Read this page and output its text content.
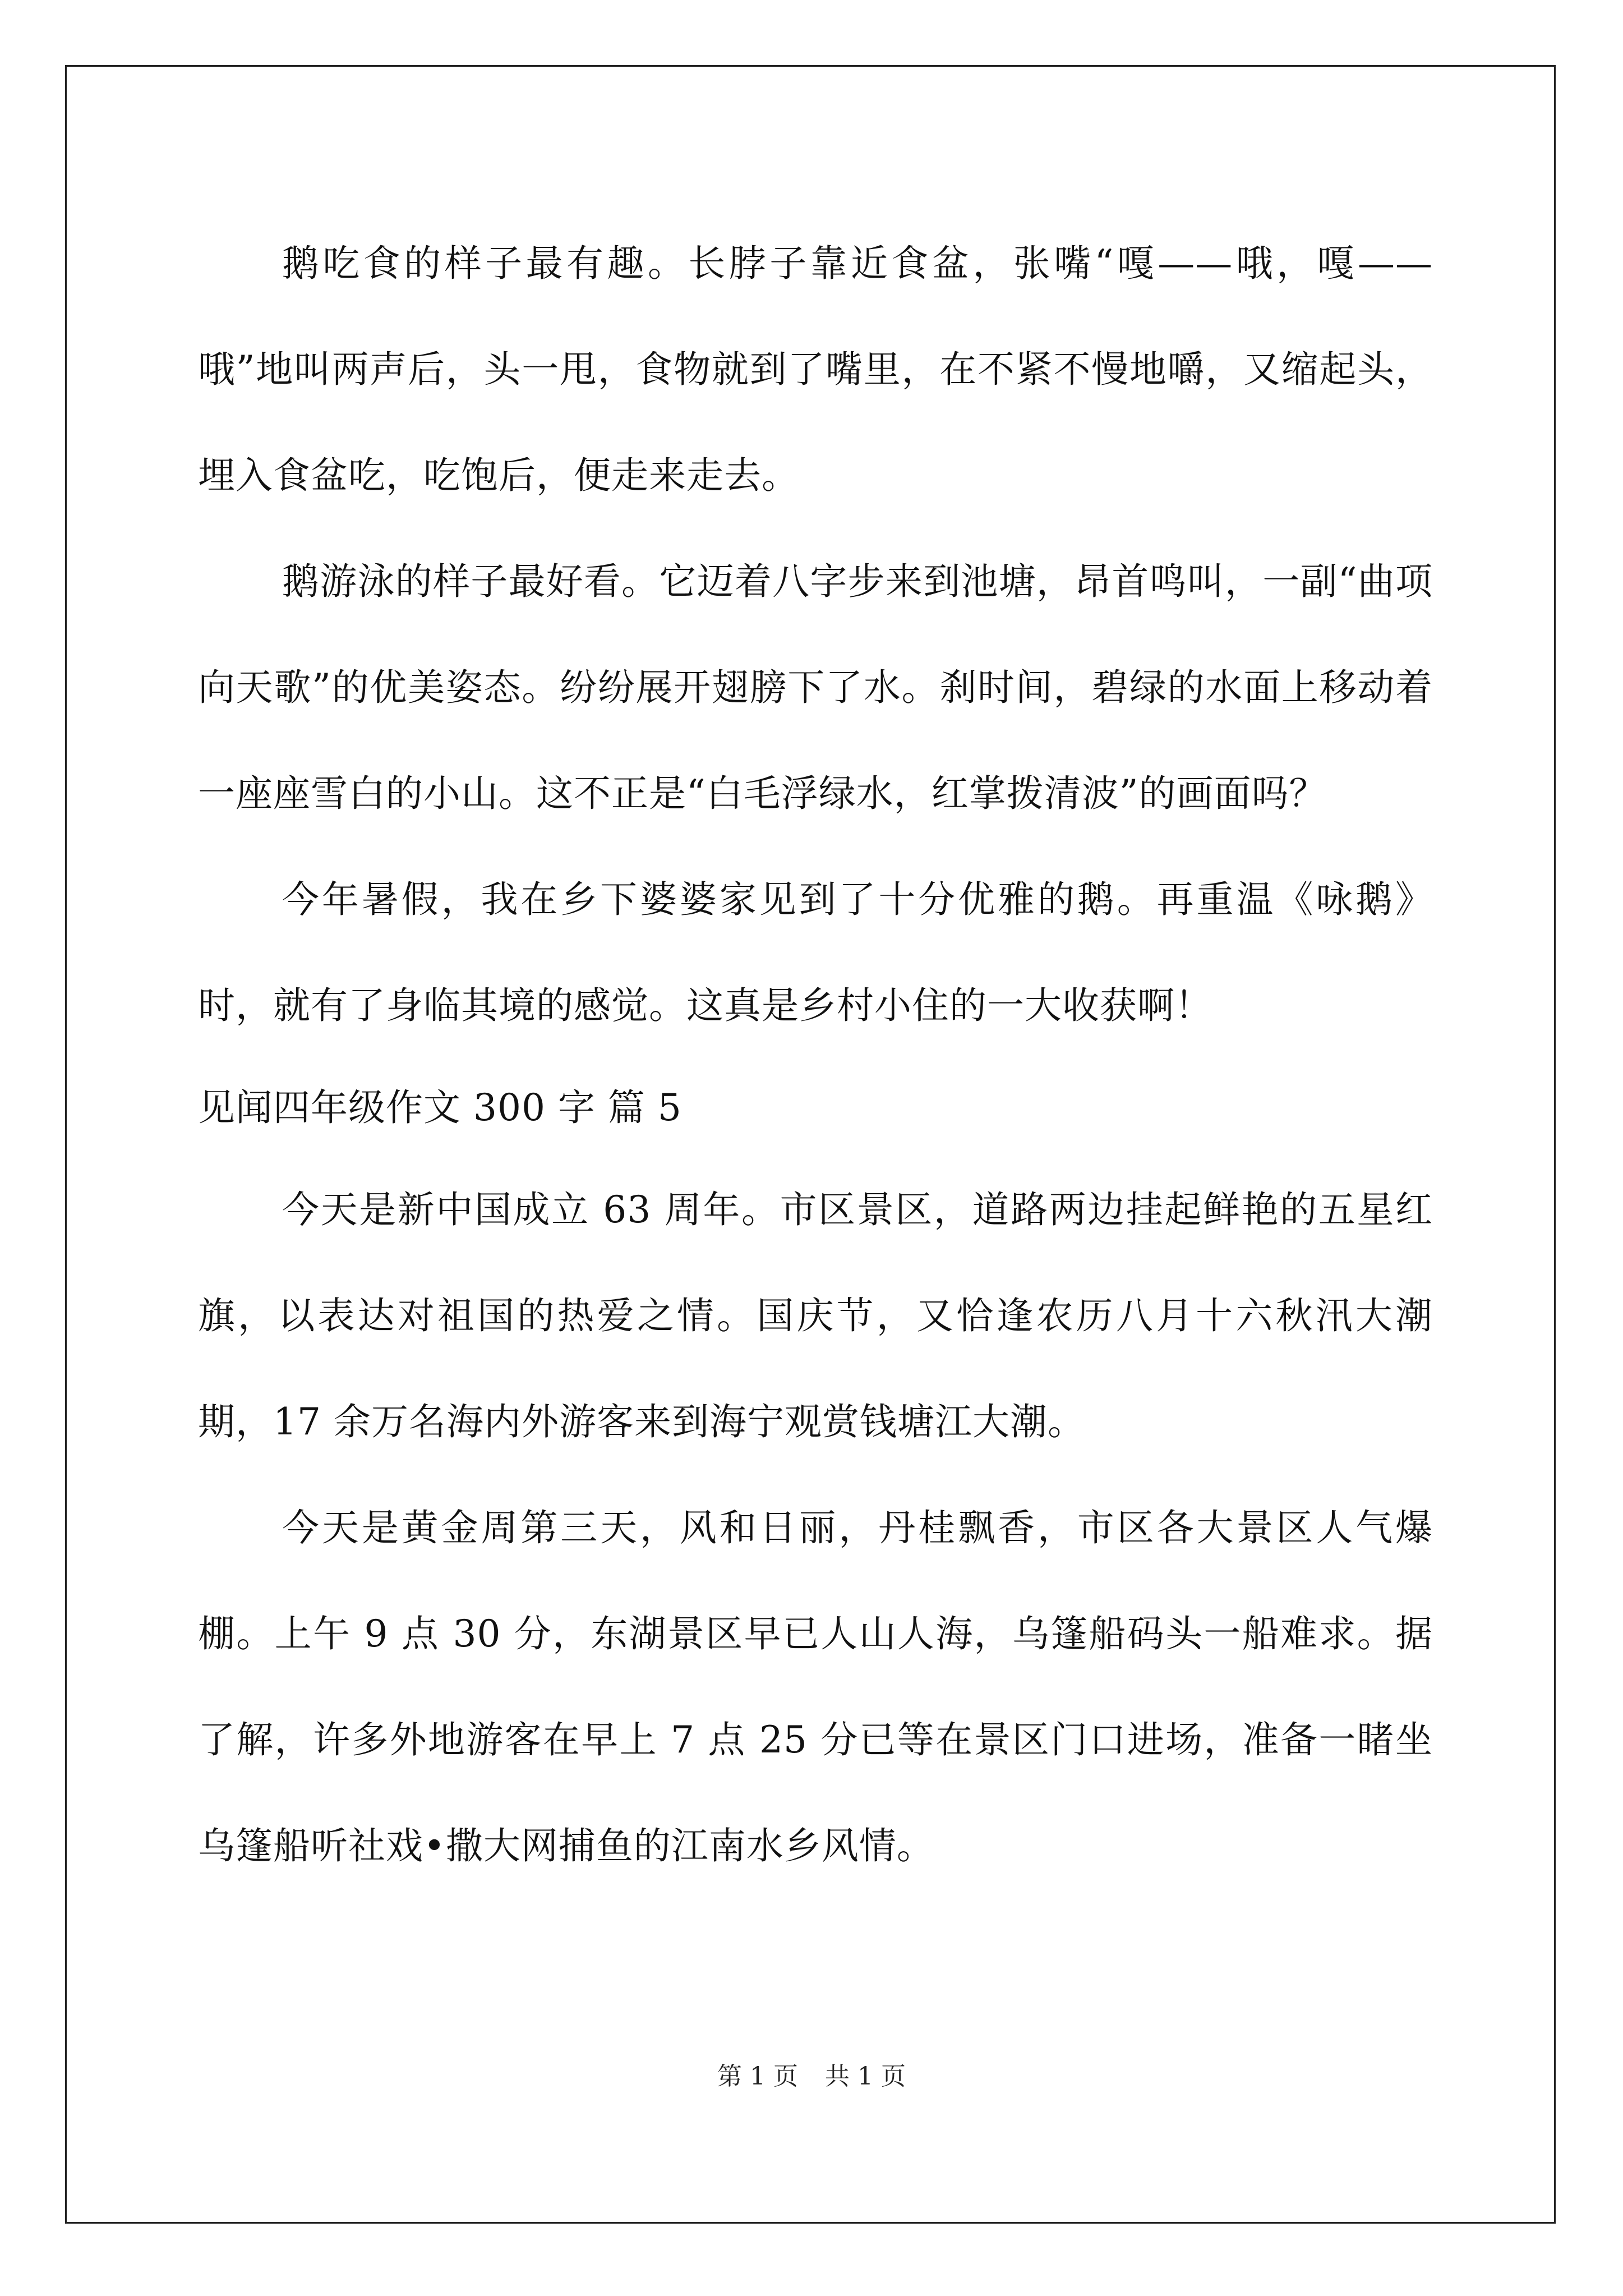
鹅吃食的样子最有趣。长脖子靠近食盆，张嘴“嘎——哦，嘎——哦”地叫两声后，头一甩，食物就到了嘴里，在不紧不慢地嚼，又缩起头，埋入食盆吃，吃饱后，便走来走去。

鹅游泳的样子最好看。它迈着八字步来到池塘，昂首鸣叫，一副“曲项向天歌”的优美姿态。纷纷展开翅膀下了水。刹时间，碧绿的水面上移动着一座座雪白的小山。这不正是“白毛浮绿水，红掌拨清波”的画面吗？

今年暑假，我在乡下婆婆家见到了十分优雅的鹅。再重温《咏鹅》时，就有了身临其境的感觉。这真是乡村小住的一大收获啊！

见闻四年级作文 300 字 篇 5

今天是新中国成立 63 周年。市区景区，道路两边挂起鲜艳的五星红旗，以表达对祖国的热爱之情。国庆节，又恰逢农历八月十六秋汛大潮期，17 余万名海内外游客来到海宁观赏钱塘江大潮。

今天是黄金周第三天，风和日丽，丹桂飘香，市区各大景区人气爆棚。上午 9 点 30 分，东湖景区早已人山人海，乌篷船码头一船难求。据了解，许多外地游客在早上 7 点 25 分已等在景区门口进场，准备一睹坐乌篷船听社戏•撒大网捕鱼的江南水乡风情。

第 1 页 共 1 页
